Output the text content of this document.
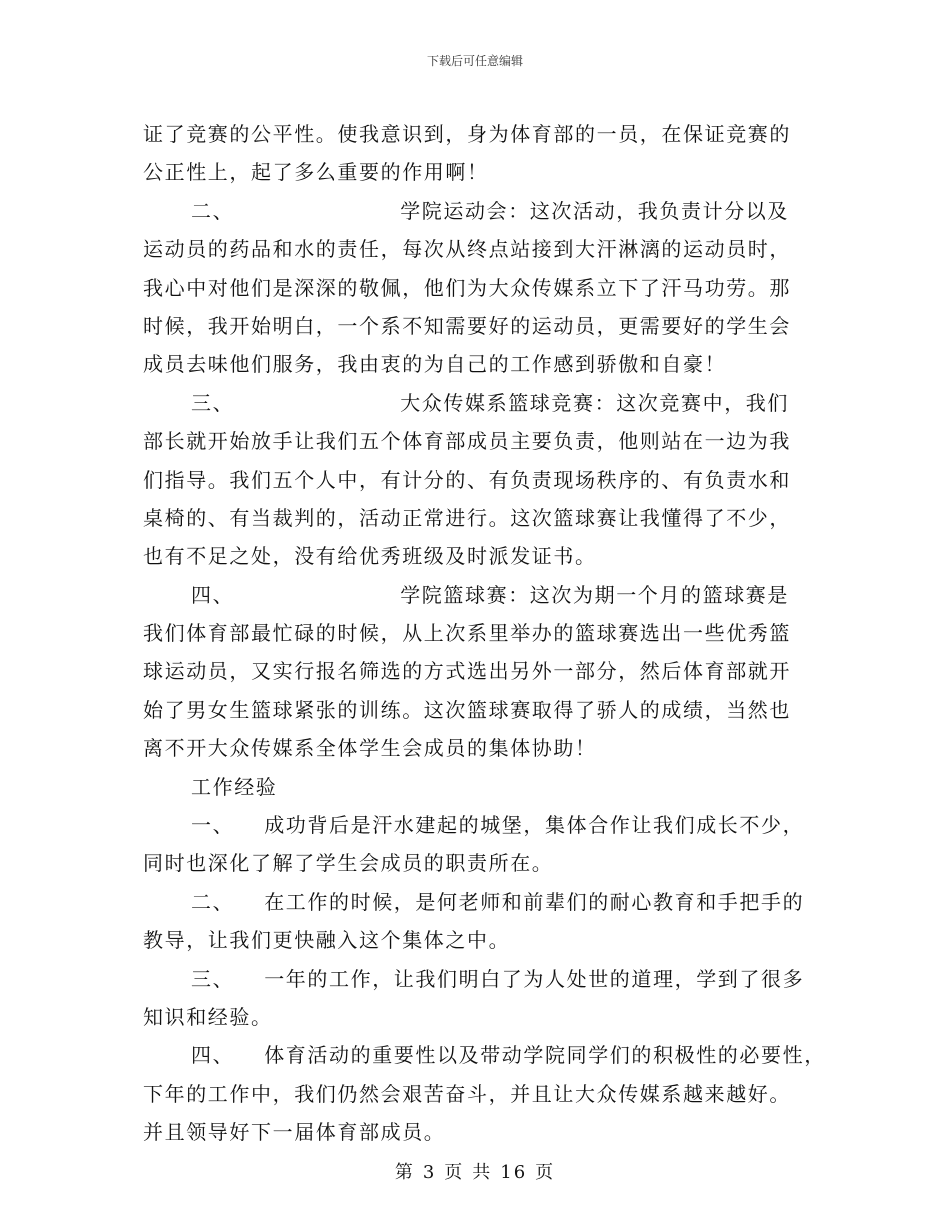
下载后可任意编辑
证了竞赛的公平性。使我意识到，身为体育部的一员，在保证竞赛的
公正性上，起了多么重要的作用啊！
二、	学院运动会：这次活动，我负责计分以及
运动员的药品和水的责任，每次从终点站接到大汗淋漓的运动员时，
我心中对他们是深深的敬佩，他们为大众传媒系立下了汗马功劳。那
时候，我开始明白，一个系不知需要好的运动员，更需要好的学生会
成员去味他们服务，我由衷的为自己的工作感到骄傲和自豪！
三、	大众传媒系篮球竞赛：这次竞赛中，我们
部长就开始放手让我们五个体育部成员主要负责，他则站在一边为我
们指导。我们五个人中，有计分的、有负责现场秩序的、有负责水和
桌椅的、有当裁判的，活动正常进行。这次篮球赛让我懂得了不少，
也有不足之处，没有给优秀班级及时派发证书。
四、	学院篮球赛：这次为期一个月的篮球赛是
我们体育部最忙碌的时候，从上次系里举办的篮球赛选出一些优秀篮
球运动员，又实行报名筛选的方式选出另外一部分，然后体育部就开
始了男女生篮球紧张的训练。这次篮球赛取得了骄人的成绩，当然也
离不开大众传媒系全体学生会成员的集体协助！
工作经验
一、 成功背后是汗水建起的城堡，集体合作让我们成长不少，
同时也深化了解了学生会成员的职责所在。
二、 在工作的时候，是何老师和前辈们的耐心教育和手把手的
教导，让我们更快融入这个集体之中。
三、 一年的工作，让我们明白了为人处世的道理，学到了很多
知识和经验。
四、 体育活动的重要性以及带动学院同学们的积极性的必要性，
下年的工作中，我们仍然会艰苦奋斗，并且让大众传媒系越来越好。
并且领导好下一届体育部成员。
第 3 页 共 16 页
